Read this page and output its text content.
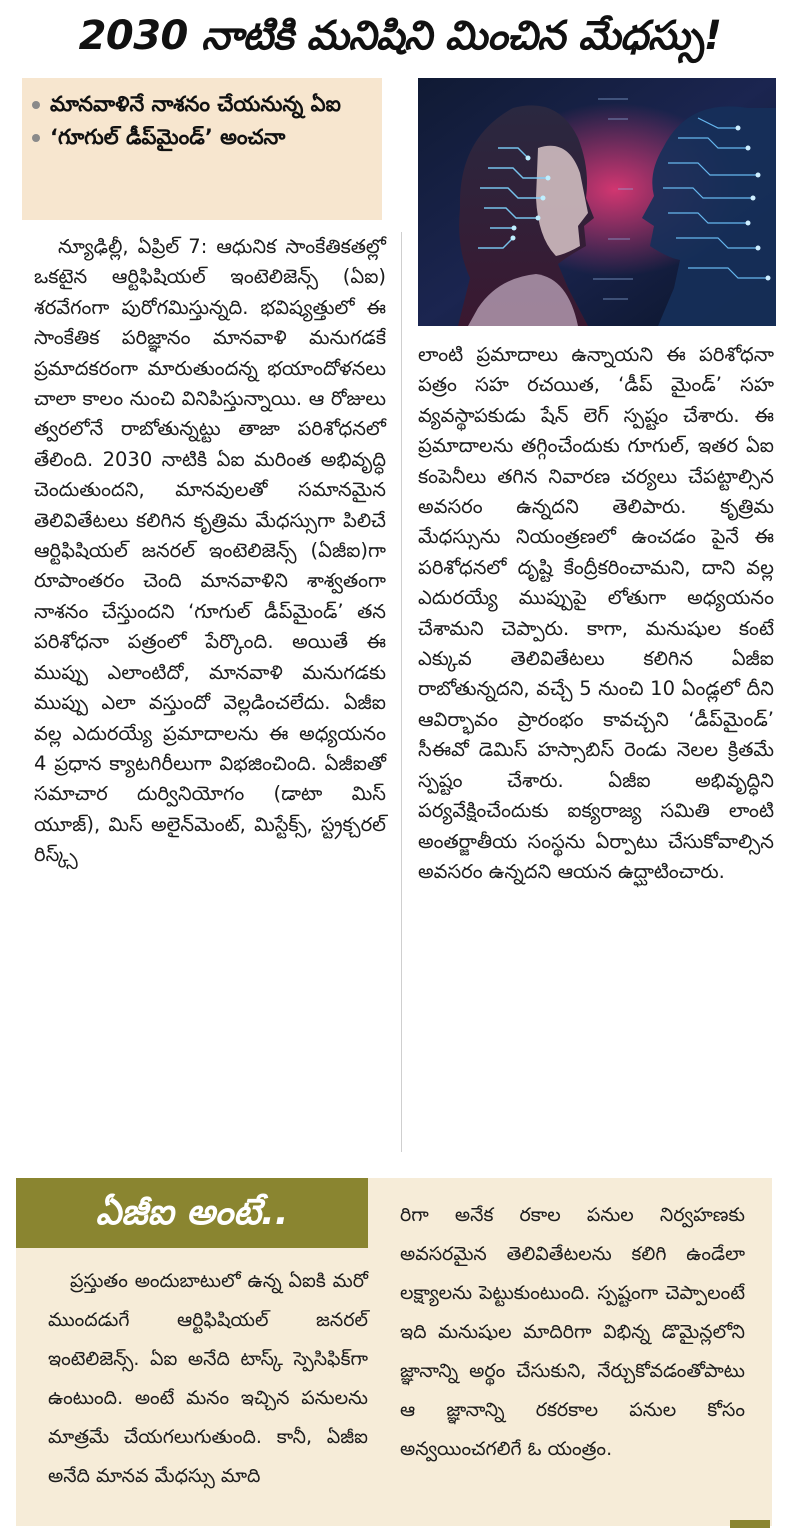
2030 నాటికి మనిషిని మించిన మేధస్సు!
మానవాళినే నాశనం చేయనున్న ఏఐ
‘గూగుల్ డీప్‌మైండ్’ అంచనా

న్యూఢిల్లీ, ఏప్రిల్ 7: ఆధునిక సాంకేతికతల్లో ఒకటైన ఆర్టిఫిషియల్ ఇంటెలిజెన్స్ (ఏఐ) శరవేగంగా పురోగమిస్తున్నది. భవిష్యత్తులో ఈ సాంకేతిక పరిజ్ఞానం మానవాళి మనుగడకే ప్రమాదకరంగా మారుతుందన్న భయాందోళనలు చాలా కాలం నుంచి వినిపిస్తున్నాయి. ఆ రోజులు త్వరలోనే రాబోతున్నట్టు తాజా పరిశోధనలో తేలింది. 2030 నాటికి ఏఐ మరింత అభివృద్ధి చెందుతుందని, మానవులతో సమానమైన తెలివితేటలు కలిగిన కృత్రిమ మేధస్సుగా పిలిచే ఆర్టిఫిషియల్ జనరల్ ఇంటెలిజెన్స్ (ఏజీఐ)గా రూపాంతరం చెంది మానవాళిని శాశ్వతంగా నాశనం చేస్తుందని ‘గూగుల్ డీప్‌మైండ్’ తన పరిశోధనా పత్రంలో పేర్కొంది. అయితే ఈ ముప్పు ఎలాంటిదో, మానవాళి మనుగడకు ముప్పు ఎలా వస్తుందో వెల్లడించలేదు. ఏజీఐ వల్ల ఎదురయ్యే ప్రమాదాలను ఈ అధ్యయనం 4 ప్రధాన క్యాటగిరీలుగా విభజించింది. ఏజీఐతో సమాచార దుర్వినియోగం (డాటా మిస్ యూజ్), మిస్ అలైన్‌మెంట్, మిస్టేక్స్, స్ట్రక్చరల్ రిస్క్స్

లాంటి ప్రమాదాలు ఉన్నాయని ఈ పరిశోధనా పత్రం సహ రచయిత, ‘డీప్ మైండ్’ సహ వ్యవస్థాపకుడు షేన్ లెగ్ స్పష్టం చేశారు. ఈ ప్రమాదాలను తగ్గించేందుకు గూగుల్, ఇతర ఏఐ కంపెనీలు తగిన నివారణ చర్యలు చేపట్టాల్సిన అవసరం ఉన్నదని తెలిపారు. కృత్రిమ మేధస్సును నియంత్రణలో ఉంచడం పైనే ఈ పరిశోధనలో దృష్టి కేంద్రీకరించామని, దాని వల్ల ఎదురయ్యే ముప్పుపై లోతుగా అధ్యయనం చేశామని చెప్పారు. కాగా, మనుషుల కంటే ఎక్కువ తెలివితేటలు కలిగిన ఏజీఐ రాబోతున్నదని, వచ్చే 5 నుంచి 10 ఏండ్లలో దీని ఆవిర్భావం ప్రారంభం కావచ్చని ‘డీప్‌మైండ్’ సీఈవో డెమిస్ హస్సాబిస్ రెండు నెలల క్రితమే స్పష్టం చేశారు. ఏజీఐ అభివృద్ధిని పర్యవేక్షించేందుకు ఐక్యరాజ్య సమితి లాంటి అంతర్జాతీయ సంస్థను ఏర్పాటు చేసుకోవాల్సిన అవసరం ఉన్నదని ఆయన ఉద్ఘాటించారు.

ఏజీఐ అంటే..

ప్రస్తుతం అందుబాటులో ఉన్న ఏఐకి మరో ముందడుగే ఆర్టిఫిషియల్ జనరల్ ఇంటెలిజెన్స్. ఏఐ అనేది టాస్క్ స్పెసిఫిక్‌గా ఉంటుంది. అంటే మనం ఇచ్చిన పనులను మాత్రమే చేయగలుగుతుంది. కానీ, ఏజీఐ అనేది మానవ మేధస్సు మాది

రిగా అనేక రకాల పనుల నిర్వహణకు అవసరమైన తెలివితేటలను కలిగి ఉండేలా లక్ష్యాలను పెట్టుకుంటుంది. స్పష్టంగా చెప్పాలంటే ఇది మనుషుల మాదిరిగా విభిన్న డొమైన్లలోని జ్ఞానాన్ని అర్థం చేసుకుని, నేర్చుకోవడంతోపాటు ఆ జ్ఞానాన్ని రకరకాల పనుల కోసం అన్వయించగలిగే ఓ యంత్రం.
